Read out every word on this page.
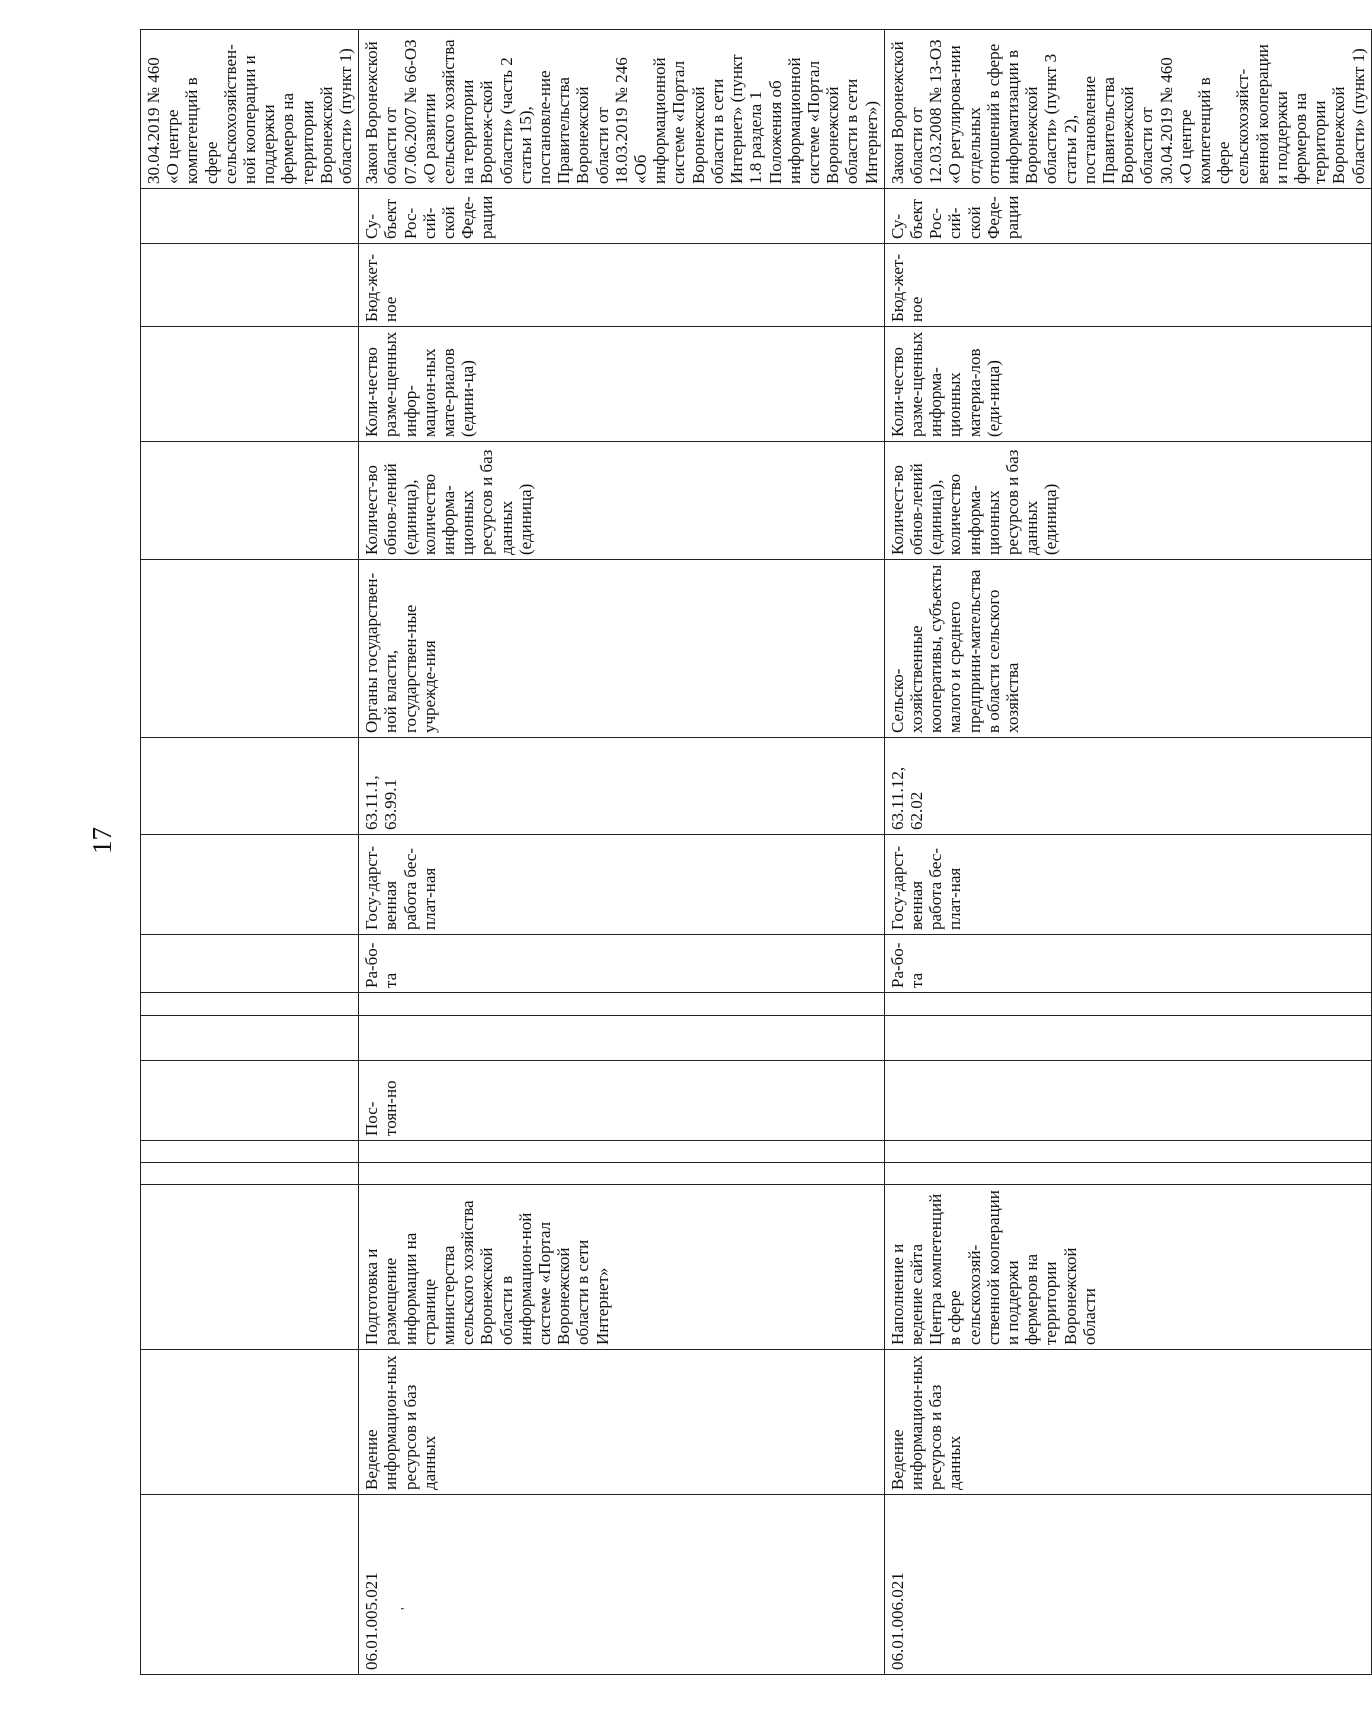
17
																30.04.2019 № 460 «О центре компетенций в сфере сельскохозяйствен-ной кооперации и поддержки фермеров на территории Воронежской области» (пункт 1)
06.01.005.021 '	Ведение информацион-ных ресурсов и баз данных	Подготовка и размещение информации на странице министерства сельского хозяйства Воронежской области в информацион-ной системе «Портал Воронежской области в сети Интернет»			Пос-тоян-но			Ра-бо-та	Госу-дарст-венная работа бес-плат-ная	63.11.1, 63.99.1	Органы государствен-ной власти, государствен-ные учрежде-ния	Количест-во обнов-лений (единица), количество информа-ционных ресурсов и баз данных (единица)	Коли-чество разме-щенных инфор-мацион-ных мате-риалов (едини-ца)	Бюд-жет-ное	Су-бъект Рос-сий-ской Феде-рации	Закон Воронежской области от 07.06.2007 № 66-ОЗ «О развитии сельского хозяйства на территории Воронеж-ской области» (часть 2 статьи 15), постановле-ние Правительства Воронежской области от 18.03.2019 № 246 «Об информационной системе «Портал Воронежской области в сети Интернет» (пункт 1.8 раздела 1 Положения об информационной системе «Портал Воронежской области в сети Интернет»)
06.01.006.021	Ведение информацион-ных ресурсов и баз данных	Наполнение и ведение сайта Центра компетенций в сфере сельскохозяй-ственной кооперации и поддержи фермеров на территории Воронежской области						Ра-бо-та	Госу-дарст-венная работа бес-плат-ная	63.11.12, 62.02	Сельско-хозяйственные кооперативы, субъекты малого и среднего предприни-мательства в области сельского хозяйства	Количест-во обнов-лений (единица), количество информа-ционных ресурсов и баз данных (единица)	Коли-чество разме-щенных информа-ционных материа-лов (еди-ница)	Бюд-жет-ное	Су-бъект Рос-сий-ской Феде-рации	Закон Воронежской области от 12.03.2008 № 13-ОЗ «О регулирова-нии отдельных отношений в сфере информатизации в Воронежской области» (пункт 3 статьи 2), постановление Правительства Воронежской области от 30.04.2019 № 460 «О центре компетенций в сфере сельскохозяйст-венной кооперации и поддержки фермеров на территории Воронежской области» (пункт 1)
